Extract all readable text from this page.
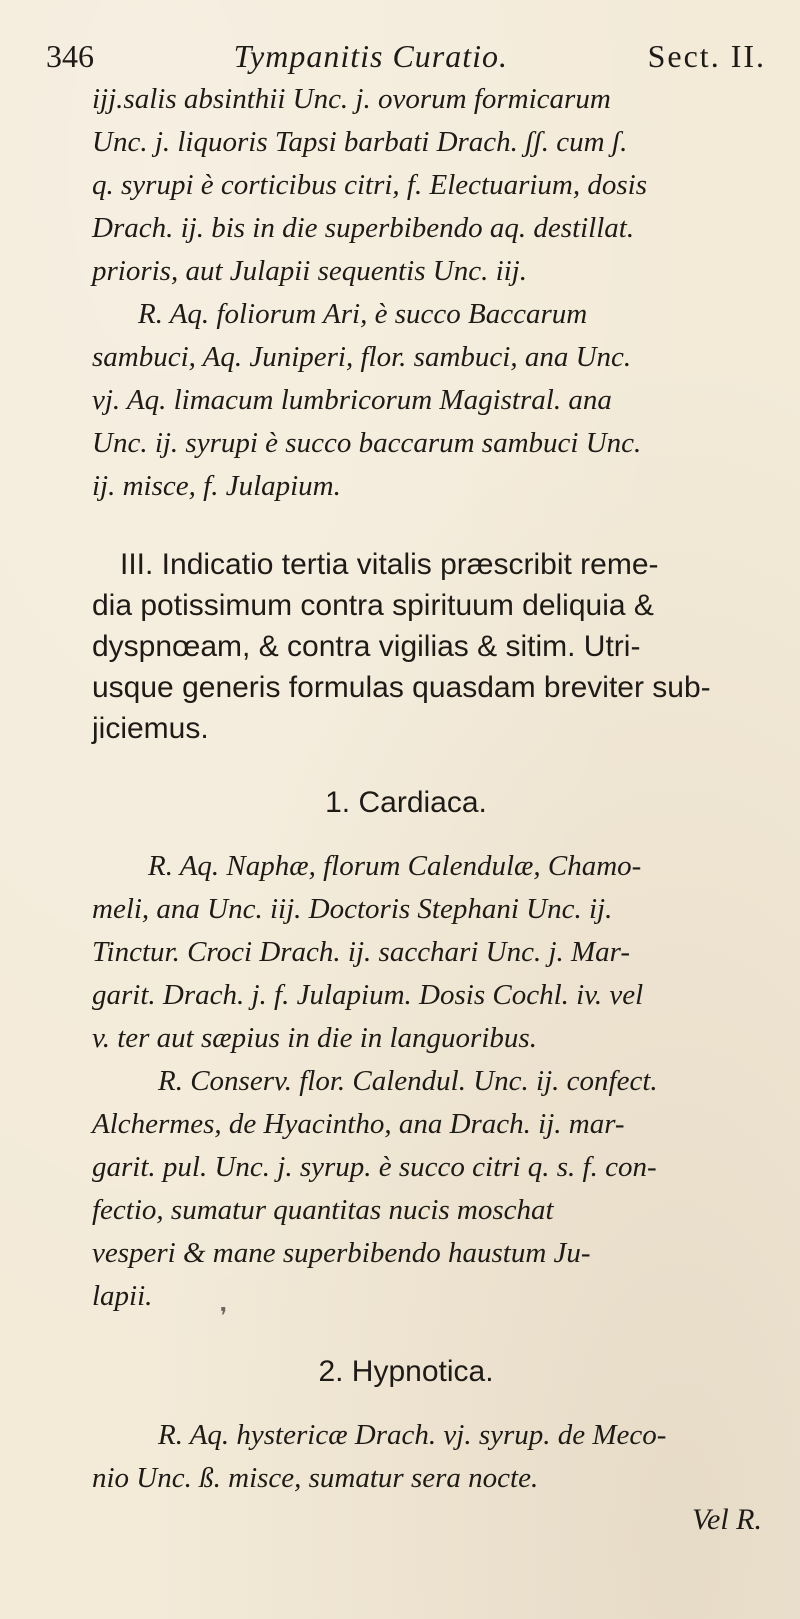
346	Tympanitis Curatio.	Sect. II.
ijj.salis absinthii Unc. j. ovorum formicarum
Unc. j. liquoris Tapsi barbati Drach. ʃʃ. cum ʃ.
q. syrupi è corticibus citri, f. Electuarium, dosis
Drach. ij. bis in die superbibendo aq. destillat.
prioris, aut Julapii sequentis Unc. iij.
R. Aq. foliorum Ari, è succo Baccarum
sambuci, Aq. Juniperi, flor. sambuci, ana Unc.
vj. Aq. limacum lumbricorum Magistral. ana
Unc. ij. syrupi è succo baccarum sambuci Unc.
ij. misce, f. Julapium.
III. Indicatio tertia vitalis præscribit reme-
dia potissimum contra spirituum deliquia &
dyspnœam, & contra vigilias & sitim. Utri-
usque generis formulas quasdam breviter sub-
jiciemus.
1. Cardiaca.
R. Aq. Naphæ, florum Calendulæ, Chamo-
meli, ana Unc. iij. Doctoris Stephani Unc. ij.
Tinctur. Croci Drach. ij. sacchari Unc. j. Mar-
garit. Drach. j. f. Julapium. Dosis Cochl. iv. vel
v. ter aut sæpius in die in languoribus.
R. Conserv. flor. Calendul. Unc. ij. confect.
Alchermes, de Hyacintho, ana Drach. ij. mar-
garit. pul. Unc. j. syrup. è succo citri q. s. f. con-
fectio, sumatur quantitas nucis moschat
vesperi & mane superbibendo haustum Ju-
lapii.
2. Hypnotica.
R. Aq. hystericæ Drach. vj. syrup. de Meco-
nio Unc. ß. misce, sumatur sera nocte.
Vel R.
❜
